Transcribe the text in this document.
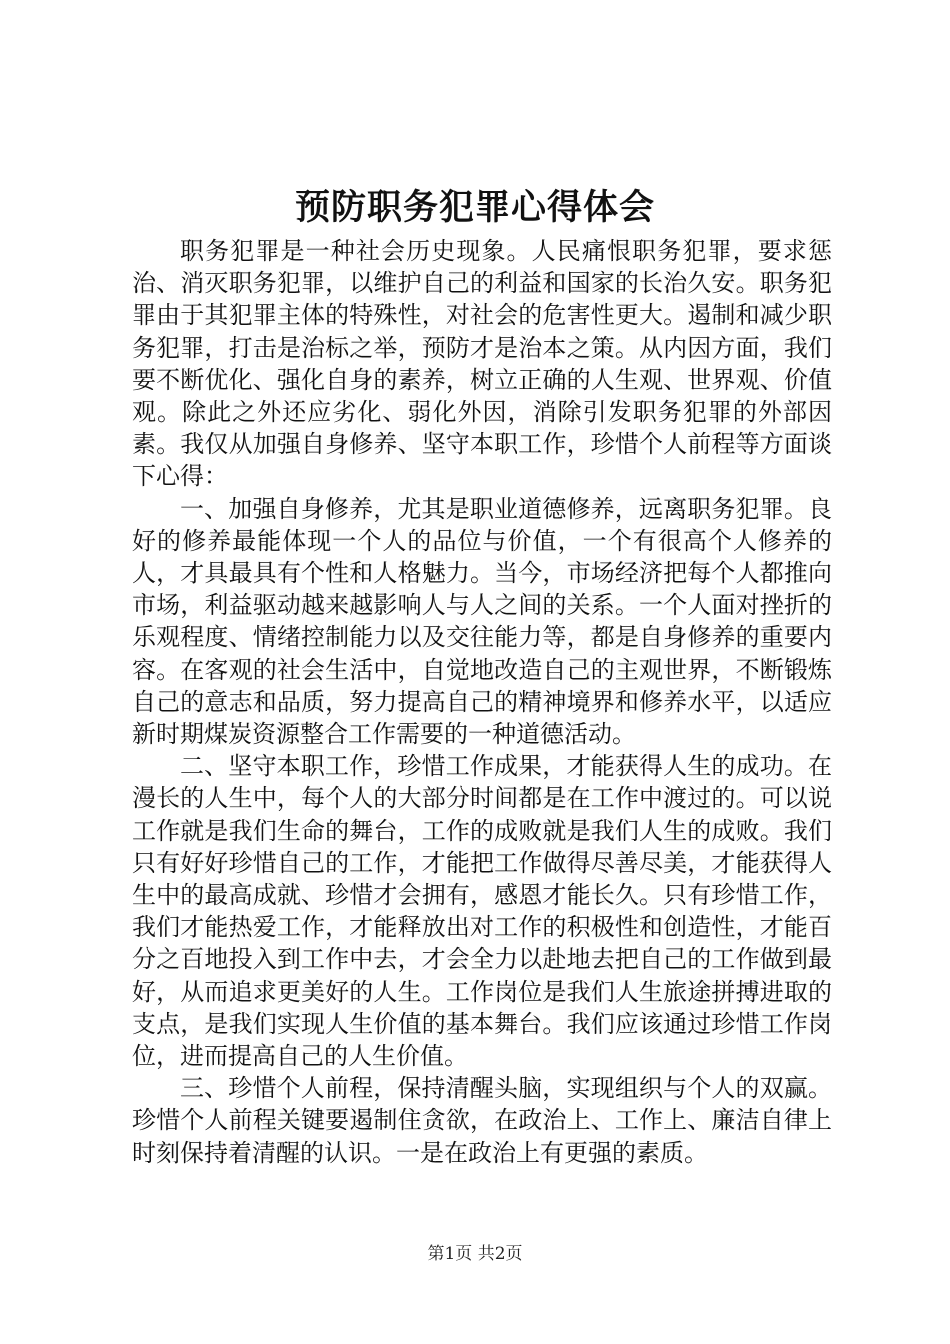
预防职务犯罪心得体会

职务犯罪是一种社会历史现象。人民痛恨职务犯罪，要求惩治、消灭职务犯罪，以维护自己的利益和国家的长治久安。职务犯罪由于其犯罪主体的特殊性，对社会的危害性更大。遏制和减少职务犯罪，打击是治标之举，预防才是治本之策。从内因方面，我们要不断优化、强化自身的素养，树立正确的人生观、世界观、价值观。除此之外还应劣化、弱化外因，消除引发职务犯罪的外部因素。我仅从加强自身修养、坚守本职工作，珍惜个人前程等方面谈下心得：

一、加强自身修养，尤其是职业道德修养，远离职务犯罪。良好的修养最能体现一个人的品位与价值，一个有很高个人修养的人，才具最具有个性和人格魅力。当今，市场经济把每个人都推向市场，利益驱动越来越影响人与人之间的关系。一个人面对挫折的乐观程度、情绪控制能力以及交往能力等，都是自身修养的重要内容。在客观的社会生活中，自觉地改造自己的主观世界，不断锻炼自己的意志和品质，努力提高自己的精神境界和修养水平，以适应新时期煤炭资源整合工作需要的一种道德活动。

二、坚守本职工作，珍惜工作成果，才能获得人生的成功。在漫长的人生中，每个人的大部分时间都是在工作中渡过的。可以说工作就是我们生命的舞台，工作的成败就是我们人生的成败。我们只有好好珍惜自己的工作，才能把工作做得尽善尽美，才能获得人生中的最高成就、珍惜才会拥有，感恩才能长久。只有珍惜工作，我们才能热爱工作，才能释放出对工作的积极性和创造性，才能百分之百地投入到工作中去，才会全力以赴地去把自己的工作做到最好，从而追求更美好的人生。工作岗位是我们人生旅途拼搏进取的支点，是我们实现人生价值的基本舞台。我们应该通过珍惜工作岗位，进而提高自己的人生价值。

三、珍惜个人前程，保持清醒头脑，实现组织与个人的双赢。珍惜个人前程关键要遏制住贪欲，在政治上、工作上、廉洁自律上时刻保持着清醒的认识。一是在政治上有更强的素质。

第1页 共2页
